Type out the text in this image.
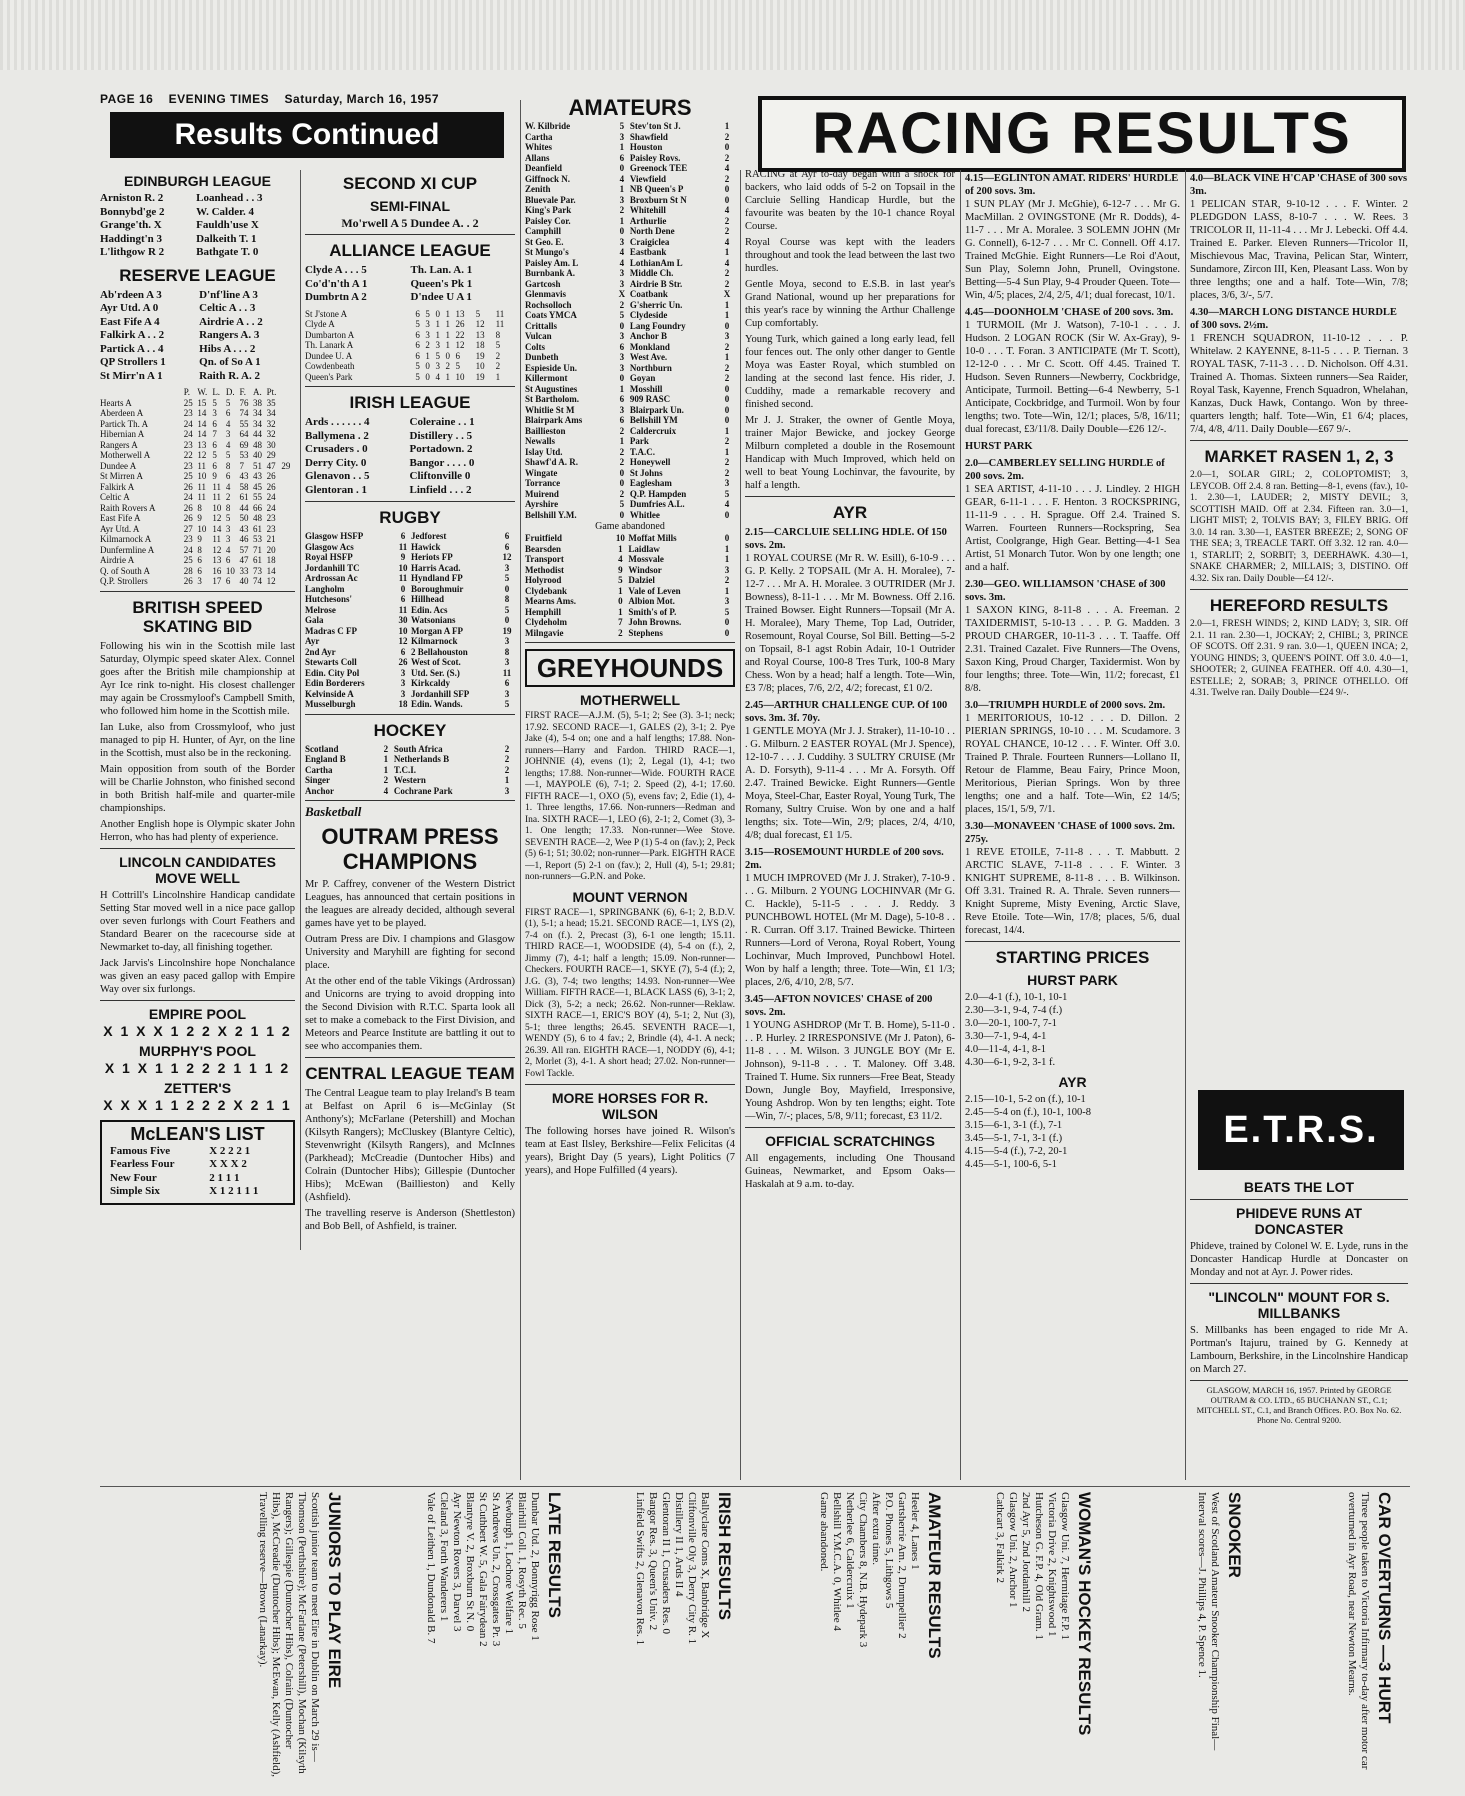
PAGE 16 EVENING TIMES Saturday, March 16, 1957
Results Continued	RACING RESULTS
EDINBURGH LEAGUE
Arniston R. 2	Loanhead . . 3
Bonnybd'ge 2	W. Calder. 4
Grange'th. X	Fauldh'use X
Haddingt'n 3	Dalkeith T. 1
L'lithgow R 2	Bathgate T. 0
RESERVE LEAGUE
Ab'rdeen A 3	D'nf'line A 3
Ayr Utd. A 0	Celtic A . . 3
East Fife A 4	Airdrie A . . 2
Falkirk A . . 2	Rangers A. 3
Partick A . . 4	Hibs A . . . 2
QP Strollers 1	Qn. of So A 1
St Mirr'n A 1	Raith R. A. 2
	P.	W.	L.	D.	F.	A.	Pt.	
Hearts A	25	15	5	5	76	38	35	
Aberdeen A	23	14	3	6	74	34	34	
Partick Th. A	24	14	6	4	55	34	32	
Hibernian A	24	14	7	3	64	44	32	
Rangers A	23	13	6	4	69	48	30	
Motherwell A	22	12	5	5	53	40	29	
Dundee A	23	11	6	8	7	51	47	29
St Mirren A	25	10	9	6	43	43	26	
Falkirk A	26	11	11	4	58	45	26	
Celtic A	24	11	11	2	61	55	24	
Raith Rovers A	26	8	10	8	44	66	24	
East Fife A	26	9	12	5	50	48	23	
Ayr Utd. A	27	10	14	3	43	61	23	
Kilmarnock A	23	9	11	3	46	53	21	
Dunfermline A	24	8	12	4	57	71	20	
Airdrie A	25	6	13	6	47	61	18	
Q. of South A	28	6	16	10	33	73	14	
Q.P. Strollers	26	3	17	6	40	74	12	
BRITISH SPEED SKATING BID

Following his win in the Scottish mile last Saturday, Olympic speed skater Alex. Connel goes after the British mile championship at Ayr Ice rink to-night. His closest challenger may again be Crossmyloof's Campbell Smith, who followed him home in the Scottish mile.

Ian Luke, also from Crossmyloof, who just managed to pip H. Hunter, of Ayr, on the line in the Scottish, must also be in the reckoning.

Main opposition from south of the Border will be Charlie Johnston, who finished second in both British half-mile and quarter-mile championships.

Another English hope is Olympic skater John Herron, who has had plenty of experience.

LINCOLN CANDIDATES MOVE WELL

H Cottrill's Lincolnshire Handicap candidate Setting Star moved well in a nice pace gallop over seven furlongs with Court Feathers and Standard Bearer on the racecourse side at Newmarket to-day, all finishing together.

Jack Jarvis's Lincolnshire hope Nonchalance was given an easy paced gallop with Empire Way over six furlongs.

EMPIRE POOL
X 1 X X 1 2 2 X 2 1 1 2
MURPHY'S POOL
X 1 X 1 1 2 2 2 1 1 1 2
ZETTER'S
X X X 1 1 2 2 2 X 2 1 1
McLEAN'S LIST
Famous Five	X 2 2 2 1
Fearless Four	X X X 2
New Four	2 1 1 1
Simple Six	X 1 2 1 1 1
SECOND XI CUP
SEMI-FINAL
Mo'rwell A 5 Dundee A. . 2
ALLIANCE LEAGUE
Clyde A . . . 5	Th. Lan. A. 1
Co'd'n'th A 1	Queen's Pk 1
Dumbrtn A 2	D'ndee U A 1
St J'stone A	6	5	0	1	13	5	11
Clyde A	5	3	1	1	26	12	11
Dumbarton A	6	3	1	1	22	13	8
Th. Lanark A	6	2	3	1	12	18	5
Dundee U. A	6	1	5	0	6	19	2
Cowdenbeath	5	0	3	2	5	10	2
Queen's Park	5	0	4	1	10	19	1
IRISH LEAGUE
Ards . . . . . . 4	Coleraine . . 1
Ballymena . 2	Distillery . . 5
Crusaders . 0	Portadown. 2
Derry City. 0	Bangor . . . . 0
Glenavon . . 5	Cliftonville 0
Glentoran . 1	Linfield . . . 2
RUGBY
Glasgow HSFP	6	Jedforest	6
Glasgow Acs	11	Hawick	6
Royal HSFP	9	Heriots FP	12
Jordanhill TC	10	Harris Acad.	3
Ardrossan Ac	11	Hyndland FP	5
Langholm	0	Boroughmuir	0
Hutchesons'	6	Hillhead	8
Melrose	11	Edin. Acs	5
Gala	30	Watsonians	0
Madras C FP	10	Morgan A FP	19
Ayr	12	Kilmarnock	3
2nd Ayr	6	2 Bellahouston	8
Stewarts Coll	26	West of Scot.	3
Edin. City Pol	3	Utd. Ser. (S.)	11
Edin Borderers	3	Kirkcaldy	6
Kelvinside A	3	Jordanhill SFP	3
Musselburgh	18	Edin. Wands.	5
HOCKEY
Scotland	2	South Africa	2
England B	1	Netherlands B	2
Cartha	1	T.C.I.	2
Singer	2	Western	1
Anchor	4	Cochrane Park	3
Basketball
OUTRAM PRESS CHAMPIONS

Mr P. Caffrey, convener of the Western District Leagues, has announced that certain positions in the leagues are already decided, although several games have yet to be played.

Outram Press are Div. I champions and Glasgow University and Maryhill are fighting for second place.

At the other end of the table Vikings (Ardrossan) and Unicorns are trying to avoid dropping into the Second Division with R.T.C. Sparta look all set to make a comeback to the First Division, and Meteors and Pearce Institute are battling it out to see who accompanies them.

CENTRAL LEAGUE TEAM

The Central League team to play Ireland's B team at Belfast on April 6 is—McGinlay (St Anthony's); McFarlane (Petershill) and Mochan (Kilsyth Rangers); McCluskey (Blantyre Celtic), Stevenwright (Kilsyth Rangers), and McInnes (Parkhead); McCreadie (Duntocher Hibs) and Colrain (Duntocher Hibs); Gillespie (Duntocher Hibs); McEwan (Baillieston) and Kelly (Ashfield).

The travelling reserve is Anderson (Shettleston) and Bob Bell, of Ashfield, is trainer.

AMATEURS
W. Kilbride	5	Stev'ton St J.	1
Cartha	3	Shawfield	2
Whites	1	Houston	0
Allans	6	Paisley Rovs.	2
Deanfield	0	Greenock TEE	4
Giffnock N.	4	Viewfield	2
Zenith	1	NB Queen's P	0
Bluevale Par.	3	Broxburn St N	0
King's Park	2	Whitehill	4
Paisley Cor.	1	Arthurlie	2
Camphill	0	North Dene	2
St Geo. E.	3	Craigiclea	4
St Mungo's	4	Eastbank	1
Paisley Am. L	4	LothianAm L	4
Burnbank A.	3	Middle Ch.	2
Gartcosh	3	Airdrie B Str.	2
Glenmavis	X	Coatbank	X
Rochsolloch	2	G'sherric Un.	1
Coats YMCA	5	Clydeside	1
Crittalls	0	Lang Foundry	0
Vulcan	3	Anchor B	3
Colts	6	Monkland	2
Dunbeth	3	West Ave.	1
Espieside Un.	3	Northburn	2
Killermont	0	Goyan	2
St Augustines	1	Mosshill	0
St Bartholom.	6	909 RASC	0
Whitlie St M	3	Blairpark Un.	0
Blairpark Ams	6	Bellshill YM	0
Baillieston	2	Caldercruix	1
Newalls	1	Park	2
Islay Utd.	2	T.A.C.	1
Shawf'd A. R.	2	Honeywell	2
Wingate	0	St Johns	2
Torrance	0	Eaglesham	3
Muirend	2	Q.P. Hampden	5
Ayrshire	5	Dumfries A.L.	4
Bellshill Y.M.	0	Whitlee	0
Game abandoned
Fruitfield	10	Moffat Mills	0
Bearsden	1	Laidlaw	1
Transport	4	Mossvale	1
Methodist	9	Windsor	3
Holyrood	5	Dalziel	2
Clydebank	1	Vale of Leven	1
Mearns Ams.	0	Albion Mot.	3
Hemphill	1	Smith's of P.	5
Clydeholm	7	John Browns.	0
Milngavie	2	Stephens	0
GREYHOUNDS
MOTHERWELL

FIRST RACE—A.J.M. (5), 5-1; 2; See (3). 3-1; neck; 17.92. SECOND RACE—1, GALES (2), 3-1; 2. Pye Jake (4), 5-4 on; one and a half lengths; 17.88. Non-runners—Harry and Fardon. THIRD RACE—1, JOHNNIE (4), evens (1); 2, Legal (1), 4-1; two lengths; 17.88. Non-runner—Wide. FOURTH RACE—1, MAYPOLE (6), 7-1; 2. Speed (2), 4-1; 17.60. FIFTH RACE—1, OXO (5), evens fav; 2, Edie (1), 4-1. Three lengths, 17.66. Non-runners—Redman and Ina. SIXTH RACE—1, LEO (6), 2-1; 2, Comet (3), 3-1. One length; 17.33. Non-runner—Wee Stove. SEVENTH RACE—2, Wee P (1) 5-4 on (fav.); 2, Peck (5) 6-1; 51; 30.02; non-runner—Park. EIGHTH RACE—1, Report (5) 2-1 on (fav.); 2, Hull (4), 5-1; 29.81; non-runners—G.P.N. and Poke.

MOUNT VERNON

FIRST RACE—1, SPRINGBANK (6), 6-1; 2, B.D.V. (1), 5-1; a head; 15.21. SECOND RACE—1, LYS (2), 7-4 on (f.). 2, Precast (3), 6-1 one length; 15.11. THIRD RACE—1, WOODSIDE (4), 5-4 on (f.), 2, Jimmy (7), 4-1; half a length; 15.09. Non-runner—Checkers. FOURTH RACE—1, SKYE (7), 5-4 (f.); 2, J.G. (3), 7-4; two lengths; 14.93. Non-runner—Wee William. FIFTH RACE—1, BLACK LASS (6), 3-1; 2, Dick (3), 5-2; a neck; 26.62. Non-runner—Reklaw. SIXTH RACE—1, ERIC'S BOY (4), 5-1; 2, Nut (3), 5-1; three lengths; 26.45. SEVENTH RACE—1, WENDY (5), 6 to 4 fav.; 2, Brindle (4), 4-1. A neck; 26.39. All ran. EIGHTH RACE—1, NODDY (6), 4-1; 2, Morlet (3), 4-1. A short head; 27.02. Non-runner—Fowl Tackle.

MORE HORSES FOR R. WILSON

The following horses have joined R. Wilson's team at East Ilsley, Berkshire—Felix Felicitas (4 years), Bright Day (5 years), Light Politics (7 years), and Hope Fulfilled (4 years).

RACING at Ayr to-day began with a shock for backers, who laid odds of 5-2 on Topsail in the Carcluie Selling Handicap Hurdle, but the favourite was beaten by the 10-1 chance Royal Course.

Royal Course was kept with the leaders throughout and took the lead between the last two hurdles.

Gentle Moya, second to E.S.B. in last year's Grand National, wound up her preparations for this year's race by winning the Arthur Challenge Cup comfortably.

Young Turk, which gained a long early lead, fell four fences out. The only other danger to Gentle Moya was Easter Royal, which stumbled on landing at the second last fence. His rider, J. Cuddihy, made a remarkable recovery and finished second.

Mr J. J. Straker, the owner of Gentle Moya, trainer Major Bewicke, and jockey George Milburn completed a double in the Rosemount Handicap with Much Improved, which held on well to beat Young Lochinvar, the favourite, by half a length.

AYR
2.15—CARCLUIE SELLING HDLE. Of 150 sovs. 2m.

1 ROYAL COURSE (Mr R. W. Esill), 6-10-9 . . . G. P. Kelly. 2 TOPSAIL (Mr A. H. Moralee), 7-12-7 . . . Mr A. H. Moralee. 3 OUTRIDER (Mr J. Bowness), 8-11-1 . . . Mr M. Bowness. Off 2.16. Trained Bowser. Eight Runners—Topsail (Mr A. H. Moralee), Mary Theme, Top Lad, Outrider, Rosemount, Royal Course, Sol Bill. Betting—5-2 on Topsail, 8-1 agst Robin Adair, 10-1 Outrider and Royal Course, 100-8 Tres Turk, 100-8 Mary Chess. Won by a head; half a length. Tote—Win, £3 7/8; places, 7/6, 2/2, 4/2; forecast, £1 0/2.

2.45—ARTHUR CHALLENGE CUP. Of 100 sovs. 3m. 3f. 70y.

1 GENTLE MOYA (Mr J. J. Straker), 11-10-10 . . . G. Milburn. 2 EASTER ROYAL (Mr J. Spence), 12-10-7 . . . J. Cuddihy. 3 SULTRY CRUISE (Mr A. D. Forsyth), 9-11-4 . . . Mr A. Forsyth. Off 2.47. Trained Bewicke. Eight Runners—Gentle Moya, Steel-Char, Easter Royal, Young Turk, The Romany, Sultry Cruise. Won by one and a half lengths; six. Tote—Win, 2/9; places, 2/4, 4/10, 4/8; dual forecast, £1 1/5.

3.15—ROSEMOUNT HURDLE of 200 sovs. 2m.

1 MUCH IMPROVED (Mr J. J. Straker), 7-10-9 . . . G. Milburn. 2 YOUNG LOCHINVAR (Mr G. C. Hackle), 5-11-5 . . . J. Reddy. 3 PUNCHBOWL HOTEL (Mr M. Dage), 5-10-8 . . . R. Curran. Off 3.17. Trained Bewicke. Thirteen Runners—Lord of Verona, Royal Robert, Young Lochinvar, Much Improved, Punchbowl Hotel. Won by half a length; three. Tote—Win, £1 1/3; places, 2/6, 4/10, 2/8, 5/7.

3.45—AFTON NOVICES' CHASE of 200 sovs. 2m.

1 YOUNG ASHDROP (Mr T. B. Home), 5-11-0 . . . P. Hurley. 2 IRRESPONSIVE (Mr J. Paton), 6-11-8 . . . M. Wilson. 3 JUNGLE BOY (Mr E. Johnson), 9-11-8 . . . T. Maloney. Off 3.48. Trained T. Hume. Six runners—Free Beat, Steady Down, Jungle Boy, Mayfield, Irresponsive, Young Ashdrop. Won by ten lengths; eight. Tote—Win, 7/-; places, 5/8, 9/11; forecast, £3 11/2.

OFFICIAL SCRATCHINGS

All engagements, including One Thousand Guineas, Newmarket, and Epsom Oaks—Haskalah at 9 a.m. to-day.

4.15—EGLINTON AMAT. RIDERS' HURDLE of 200 sovs. 3m.

1 SUN PLAY (Mr J. McGhie), 6-12-7 . . . Mr G. MacMillan. 2 OVINGSTONE (Mr R. Dodds), 4-11-7 . . . Mr A. Moralee. 3 SOLEMN JOHN (Mr G. Connell), 6-12-7 . . . Mr C. Connell. Off 4.17. Trained McGhie. Eight Runners—Le Roi d'Aout, Sun Play, Solemn John, Prunell, Ovingstone. Betting—5-4 Sun Play, 9-4 Prouder Queen. Tote—Win, 4/5; places, 2/4, 2/5, 4/1; dual forecast, 10/1.

4.45—DOONHOLM 'CHASE of 200 sovs. 3m.

1 TURMOIL (Mr J. Watson), 7-10-1 . . . J. Hudson. 2 LOGAN ROCK (Sir W. Ax-Gray), 9-10-0 . . . T. Foran. 3 ANTICIPATE (Mr T. Scott), 12-12-0 . . . Mr C. Scott. Off 4.45. Trained T. Hudson. Seven Runners—Newberry, Cockbridge, Anticipate, Turmoil. Betting—6-4 Newberry, 5-1 Anticipate, Cockbridge, and Turmoil. Won by four lengths; two. Tote—Win, 12/1; places, 5/8, 16/11; dual forecast, £3/11/8. Daily Double—£26 12/-.

HURST PARK
2.0—CAMBERLEY SELLING HURDLE of 200 sovs. 2m.

1 SEA ARTIST, 4-11-10 . . . J. Lindley. 2 HIGH GEAR, 6-11-1 . . . F. Henton. 3 ROCKSPRING, 11-11-9 . . . H. Sprague. Off 2.4. Trained S. Warren. Fourteen Runners—Rockspring, Sea Artist, Coolgrange, High Gear. Betting—4-1 Sea Artist, 51 Monarch Tutor. Won by one length; one and a half.

2.30—GEO. WILLIAMSON 'CHASE of 300 sovs. 3m.

1 SAXON KING, 8-11-8 . . . A. Freeman. 2 TAXIDERMIST, 5-10-13 . . . P. G. Madden. 3 PROUD CHARGER, 10-11-3 . . . T. Taaffe. Off 2.31. Trained Cazalet. Five Runners—The Ovens, Saxon King, Proud Charger, Taxidermist. Won by four lengths; three. Tote—Win, 11/2; forecast, £1 8/8.

3.0—TRIUMPH HURDLE of 2000 sovs. 2m.

1 MERITORIOUS, 10-12 . . . D. Dillon. 2 PIERIAN SPRINGS, 10-10 . . . M. Scudamore. 3 ROYAL CHANCE, 10-12 . . . F. Winter. Off 3.0. Trained P. Thrale. Fourteen Runners—Lollano II, Retour de Flamme, Beau Fairy, Prince Moon, Meritorious, Pierian Springs. Won by three lengths; one and a half. Tote—Win, £2 14/5; places, 15/1, 5/9, 7/1.

3.30—MONAVEEN 'CHASE of 1000 sovs. 2m. 275y.

1 REVE ETOILE, 7-11-8 . . . T. Mabbutt. 2 ARCTIC SLAVE, 7-11-8 . . . F. Winter. 3 KNIGHT SUPREME, 8-11-8 . . . B. Wilkinson. Off 3.31. Trained R. A. Thrale. Seven runners—Knight Supreme, Misty Evening, Arctic Slave, Reve Etoile. Tote—Win, 17/8; places, 5/6, dual forecast, 14/4.

STARTING PRICES
HURST PARK
2.0—4-1 (f.), 10-1, 10-1
2.30—3-1, 9-4, 7-4 (f.)
3.0—20-1, 100-7, 7-1
3.30—7-1, 9-4, 4-1
4.0—11-4, 4-1, 8-1
4.30—6-1, 9-2, 3-1 f.
AYR
2.15—10-1, 5-2 on (f.), 10-1
2.45—5-4 on (f.), 10-1, 100-8
3.15—6-1, 3-1 (f.), 7-1
3.45—5-1, 7-1, 3-1 (f.)
4.15—5-4 (f.), 7-2, 20-1
4.45—5-1, 100-6, 5-1
4.0—BLACK VINE H'CAP 'CHASE of 300 sovs 3m.

1 PELICAN STAR, 9-10-12 . . . F. Winter. 2 PLEDGDON LASS, 8-10-7 . . . W. Rees. 3 TRICOLOR II, 11-11-4 . . . Mr J. Lebecki. Off 4.4. Trained E. Parker. Eleven Runners—Tricolor II, Mischievous Mac, Travina, Pelican Star, Winterr, Sundamore, Zircon III, Ken, Pleasant Lass. Won by three lengths; one and a half. Tote—Win, 7/8; places, 3/6, 3/-, 5/7.

4.30—MARCH LONG DISTANCE HURDLE of 300 sovs. 2½m.

1 FRENCH SQUADRON, 11-10-12 . . . P. Whitelaw. 2 KAYENNE, 8-11-5 . . . P. Tiernan. 3 ROYAL TASK, 7-11-3 . . . D. Nicholson. Off 4.31. Trained A. Thomas. Sixteen runners—Sea Raider, Royal Task, Kayenne, French Squadron, Whelahan, Kanzas, Duck Hawk, Contango. Won by three-quarters length; half. Tote—Win, £1 6/4; places, 7/4, 4/8, 4/11. Daily Double—£67 9/-.

MARKET RASEN 1, 2, 3

2.0—1, SOLAR GIRL; 2, COLOPTOMIST; 3, LEYCOB. Off 2.4. 8 ran. Betting—8-1, evens (fav.), 10-1. 2.30—1, LAUDER; 2, MISTY DEVIL; 3, SCOTTISH MAID. Off at 2.34. Fifteen ran. 3.0—1, LIGHT MIST; 2, TOLVIS BAY; 3, FILEY BRIG. Off 3.0. 14 ran. 3.30—1, EASTER BREEZE; 2, SONG OF THE SEA; 3, TREACLE TART. Off 3.32. 12 ran. 4.0—1, STARLIT; 2, SORBIT; 3, DEERHAWK. 4.30—1, SNAKE CHARMER; 2, MILLAIS; 3, DISTINO. Off 4.32. Six ran. Daily Double—£4 12/-.

HEREFORD RESULTS

2.0—1, FRESH WINDS; 2, KIND LADY; 3, SIR. Off 2.1. 11 ran. 2.30—1, JOCKAY; 2, CHIBL; 3, PRINCE OF SCOTS. Off 2.31. 9 ran. 3.0—1, QUEEN INCA; 2, YOUNG HINDS; 3, QUEEN'S POINT. Off 3.0. 4.0—1, SHOOTER; 2, GUINEA FEATHER. Off 4.0. 4.30—1, ESTELLE; 2, SORAB; 3, PRINCE OTHELLO. Off 4.31. Twelve ran. Daily Double—£24 9/-.

E.T.R.S.
BEATS THE LOT
PHIDEVE RUNS AT DONCASTER

Phideve, trained by Colonel W. E. Lyde, runs in the Doncaster Handicap Hurdle at Doncaster on Monday and not at Ayr. J. Power rides.

"LINCOLN" MOUNT FOR S. MILLBANKS

S. Millbanks has been engaged to ride Mr A. Portman's Itajuru, trained by G. Kennedy at Lambourn, Berkshire, in the Lincolnshire Handicap on March 27.

GLASGOW, MARCH 16, 1957. Printed by GEORGE OUTRAM & CO. LTD., 65 BUCHANAN ST., C.1; MITCHELL ST., C.1, and Branch Offices. P.O. Box No. 62. Phone No. Central 9200.

CAR OVERTURNS —3 HURT

Three people taken to Victoria Infirmary to-day after motor car overturned in Ayr Road, near Newton Mearns.

SNOOKER

West of Scotland Amateur Snooker Championship Final—Interval scores—J. Phillips 4, P. Spence 1.

WOMAN'S HOCKEY RESULTS
Glasgow Uni. 7, Hermitage F.P. 1
Victoria Drive 2, Knightswood 1
Hutcheson G. F.P. 4, Old Gram. 1
2nd Ayr 5, 2nd Jordanhill 2
Glasgow Uni. 2, Anchor 1
Cathcart 3, Falkirk 2
AMATEUR RESULTS
Heeler 4, Lanes 1
Gartsherrie Am. 2, Drumpellier 2
P.O. Phones 5, Lithgows 5
After extra time.
City Chambers 8, N.B. Hydepark 3
Netherlee 6, Caldercruix 1
Bellshill Y.M.C.A. 0, Whitlee 4
Game abandoned.
IRISH RESULTS
Ballyclare Coms X, Banbridge X
Cliftonville Oly 3, Derry City R. 1
Distillery II 1, Ards II 4
Glentoran II 1, Crusaders Res. 0
Bangor Res. 3, Queen's Univ. 2
Linfield Swifts 2, Glenavon Res. 1
LATE RESULTS
Dunbar Utd. 2, Bonnyrigg Rose 1
Blairhill Coll. 1, Rosyth Rec. 5
Newburgh 1, Lochore Welfare 1
St Andrews Un. 2, Crossgates Pr. 3
St Cuthbert W. 5, Gala Fairydean 2
Blantyre V. 2, Broxburn St N. 0
Ayr Newton Rovers 3, Darvel 3
Cleland 3, Forth Wanderers 1
Vale of Leithen 1, Dundonald B. 7
JUNIORS TO PLAY EIRE

Scottish junior team to meet Eire in Dublin on March 29 is—Thomson (Perthshire); McFarlane (Petershill), Mochan (Kilsyth Rangers); Gillespie (Duntocher Hibs), Colrain (Duntocher Hibs), McCreadie (Duntocher Hibs); McEwan, Kelly (Ashfield), Travelling reserve—Brown (Lanarkay).
